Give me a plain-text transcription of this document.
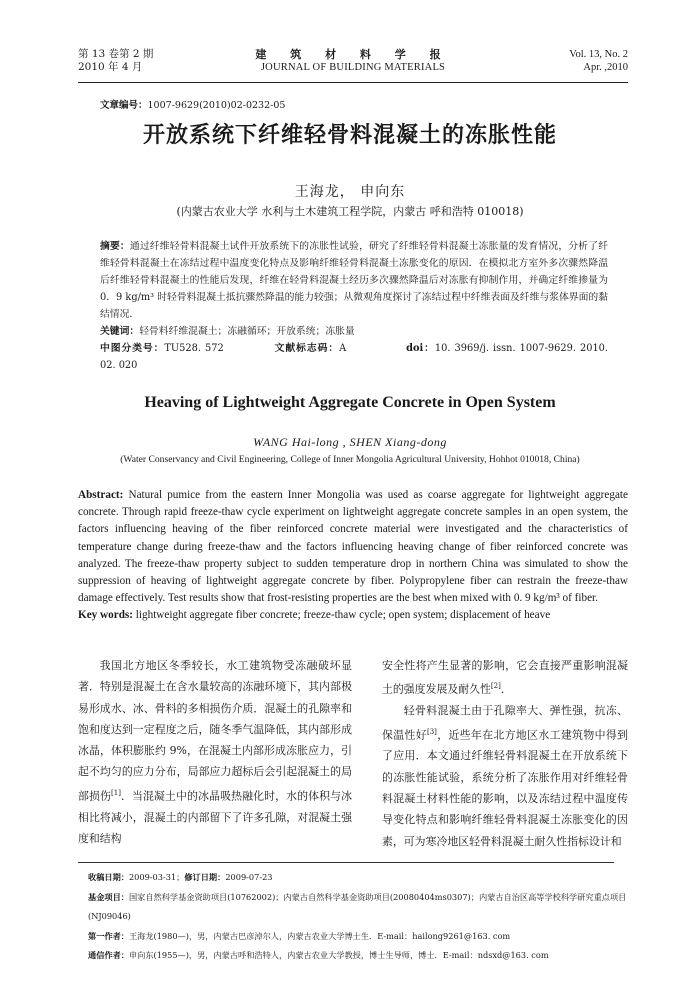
第 13 卷第 2 期
2010 年 4 月
建 筑 材 料 学 报
JOURNAL OF BUILDING MATERIALS
Vol. 13, No. 2
Apr. ,2010
文章编号：1007-9629(2010)02-0232-05
开放系统下纤维轻骨料混凝土的冻胀性能
王海龙， 申向东
(内蒙古农业大学 水利与土木建筑工程学院，内蒙古 呼和浩特 010018)

摘要：通过纤维轻骨料混凝土试件开放系统下的冻胀性试验，研究了纤维轻骨料混凝土冻胀量的发育情况，分析了纤维轻骨料混凝土在冻结过程中温度变化特点及影响纤维轻骨料混凝土冻胀变化的原因．在模拟北方室外多次骤然降温后纤维轻骨料混凝土的性能后发现，纤维在轻骨料混凝土经历多次骤然降温后对冻胀有抑制作用，并确定纤维掺量为 0．9 kg/m³ 时轻骨料混凝土抵抗骤然降温的能力较强；从微观角度探讨了冻结过程中纤维表面及纤维与浆体界面的黏结情况．

关键词：轻骨料纤维混凝土；冻融循环；开放系统；冻胀量

中图分类号：TU528. 572	文献标志码：A	doi：10. 3969/j. issn. 1007-9629. 2010. 02. 020

Heaving of Lightweight Aggregate Concrete in Open System
WANG Hai-long , SHEN Xiang-dong
(Water Conservancy and Civil Engineering, College of Inner Mongolia Agricultural University, Hohhot 010018, China)

Abstract: Natural pumice from the eastern Inner Mongolia was used as coarse aggregate for lightweight aggregate concrete. Through rapid freeze-thaw cycle experiment on lightweight aggregate concrete samples in an open system, the factors influencing heaving of the fiber reinforced concrete material were investigated and the characteristics of temperature change during freeze-thaw and the factors influencing heaving change of fiber reinforced concrete was analyzed. The freeze-thaw property subject to sudden temperature drop in northern China was simulated to show the suppression of heaving of lightweight aggregate concrete by fiber. Polypropylene fiber can restrain the freeze-thaw damage effectively. Test results show that frost-resisting properties are the best when mixed with 0. 9 kg/m³ of fiber.

Key words: lightweight aggregate fiber concrete; freeze-thaw cycle; open system; displacement of heave

我国北方地区冬季较长，水工建筑物受冻融破坏显著．特别是混凝土在含水量较高的冻融环境下，其内部极易形成水、冰、骨料的多相损伤介质．混凝土的孔隙率和饱和度达到一定程度之后，随冬季气温降低，其内部形成冰晶，体积膨胀约 9%，在混凝土内部形成冻胀应力，引起不均匀的应力分布，局部应力超标后会引起混凝土的局部损伤[1]．当混凝土中的冰晶吸热融化时，水的体积与冰相比将减小，混凝土的内部留下了许多孔隙，对混凝土强度和结构

安全性将产生显著的影响，它会直接严重影响混凝土的强度发展及耐久性[2]．

轻骨料混凝土由于孔隙率大、弹性强，抗冻、保温性好[3]，近些年在北方地区水工建筑物中得到了应用．本文通过纤维轻骨料混凝土在开放系统下的冻胀性能试验，系统分析了冻胀作用对纤维轻骨料混凝土材料性能的影响，以及冻结过程中温度传导变化特点和影响纤维轻骨料混凝土冻胀变化的因素，可为寒冷地区轻骨料混凝土耐久性指标设计和

收稿日期：2009-03-31；修订日期：2009-07-23

基金项目：国家自然科学基金资助项目(10762002)；内蒙古自然科学基金资助项目(20080404ms0307)；内蒙古自治区高等学校科学研究重点项目(NJ09046)

第一作者：王海龙(1980—)，男，内蒙古巴彦淖尔人，内蒙古农业大学博士生．E-mail：hailong9261@163. com

通信作者：申向东(1955—)，男，内蒙古呼和浩特人，内蒙古农业大学教授，博士生导师，博士．E-mail：ndsxd@163. com
